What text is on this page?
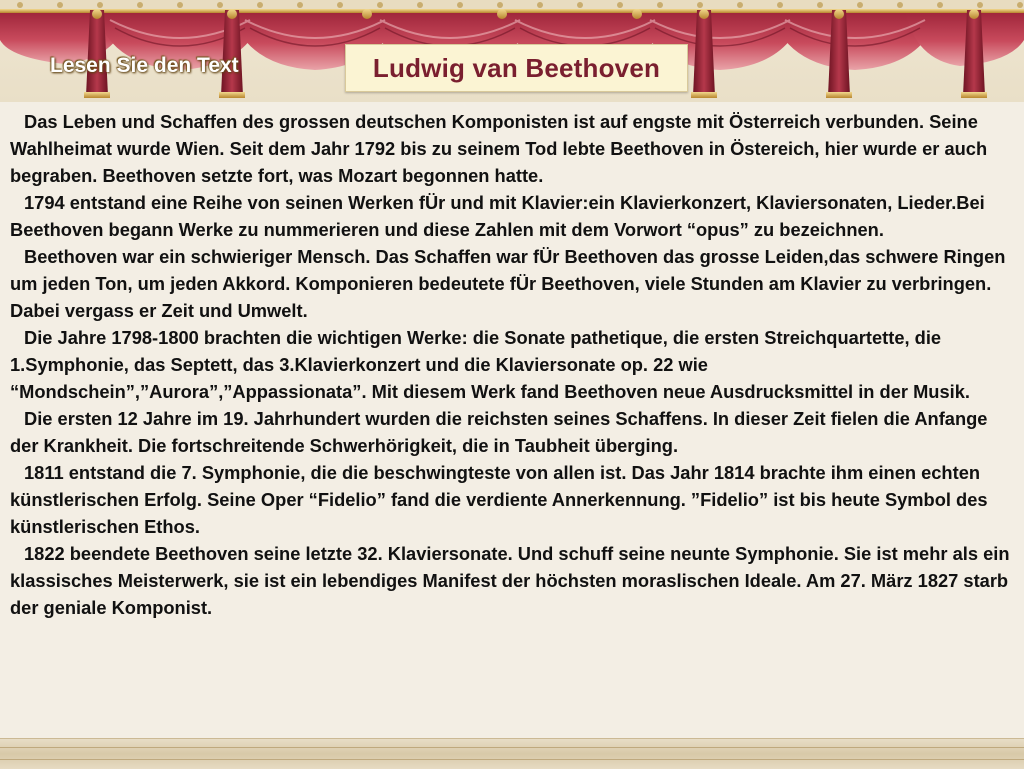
Lesen Sie den Text	Ludwig van Beethoven

Das Leben und Schaffen des grossen deutschen Komponisten ist auf engste mit Österreich verbunden. Seine Wahlheimat wurde Wien. Seit dem Jahr 1792 bis zu seinem Tod lebte Beethoven in Östereich, hier wurde er auch begraben. Beethoven setzte fort, was Mozart begonnen hatte.

1794 entstand eine Reihe von seinen Werken fÜr und mit Klavier:ein Klavierkonzert, Klaviersonaten, Lieder.Bei Beethoven begann Werke zu nummerieren und diese Zahlen mit dem Vorwort “opus” zu bezeichnen.

Beethoven war ein schwieriger Mensch. Das Schaffen war fÜr Beethoven das grosse Leiden,das schwere Ringen um jeden Ton, um jeden Akkord. Komponieren bedeutete fÜr Beethoven, viele Stunden am Klavier zu verbringen. Dabei vergass er Zeit und Umwelt.

Die Jahre 1798-1800 brachten die wichtigen Werke: die Sonate pathetique, die ersten Streichquartette, die 1.Symphonie, das Septett, das 3.Klavierkonzert und die Klaviersonate op. 22 wie “Mondschein”,”Aurora”,”Appassionata”. Mit diesem Werk fand Beethoven neue Ausdrucksmittel in der Musik.

Die ersten 12 Jahre im 19. Jahrhundert wurden die reichsten seines Schaffens. In dieser Zeit fielen die Anfange der Krankheit. Die fortschreitende Schwerhörigkeit, die in Taubheit überging.

1811 entstand die 7. Symphonie, die die beschwingteste von allen ist. Das Jahr 1814 brachte ihm einen echten künstlerischen Erfolg. Seine Oper “Fidelio” fand die verdiente Annerkennung. ”Fidelio” ist bis heute Symbol des künstlerischen Ethos.

1822 beendete Beethoven seine letzte 32. Klaviersonate. Und schuff seine neunte Symphonie. Sie ist mehr als ein klassisches Meisterwerk, sie ist ein lebendiges Manifest der höchsten moraslischen Ideale. Am 27. März 1827 starb der geniale Komponist.
